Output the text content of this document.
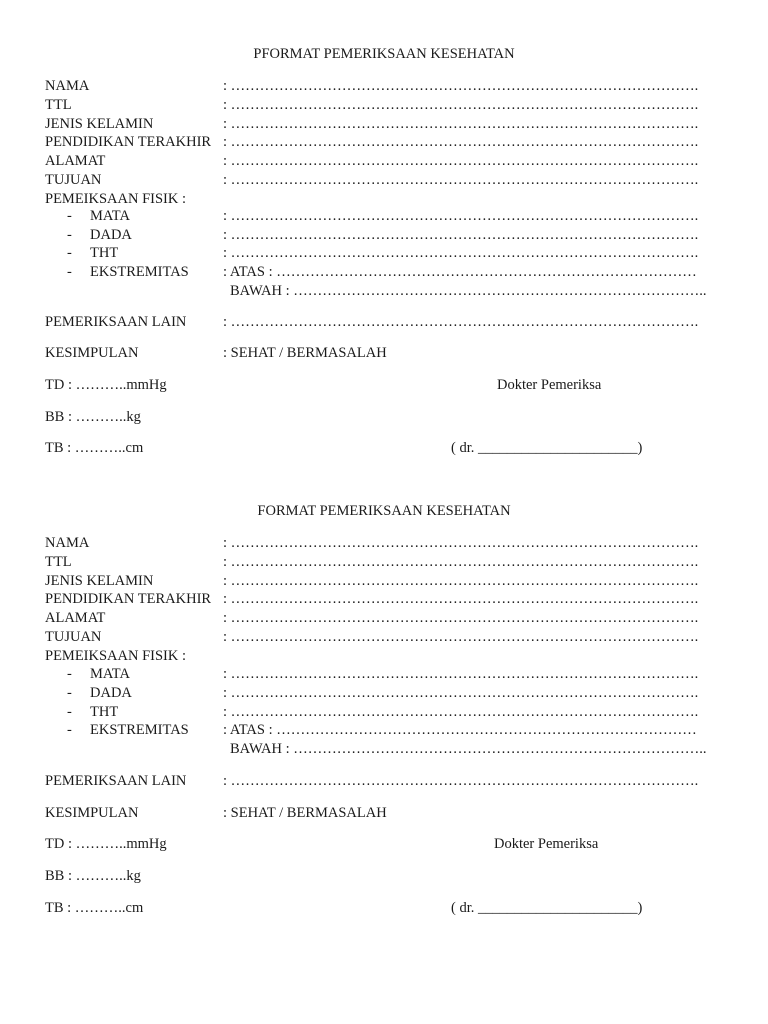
PFORMAT PEMERIKSAAN KESEHATAN
NAMA	: …………………………………………………………………………………….
TTL	: …………………………………………………………………………………….
JENIS KELAMIN	: …………………………………………………………………………………….
PENDIDIKAN TERAKHIR : …………………………………………………………………………………….
ALAMAT	: …………………………………………………………………………………….
TUJUAN	: …………………………………………………………………………………….
PEMEIKSAAN FISIK :
- MATA	: …………………………………………………………………………………….
- DADA	: …………………………………………………………………………………….
- THT	: …………………………………………………………………………………….
- EKSTREMITAS : ATAS : ……………………………………………………………………………
BAWAH : …………………………………………………………………………..
PEMERIKSAAN LAIN	: …………………………………………………………………………………….
KESIMPULAN	: SEHAT / BERMASALAH
TD : ………..mmHg	Dokter Pemeriksa
BB : ………..kg
TB : ………..cm	( dr. ______________________)
FORMAT PEMERIKSAAN KESEHATAN
NAMA	: …………………………………………………………………………………….
TTL	: …………………………………………………………………………………….
JENIS KELAMIN	: …………………………………………………………………………………….
PENDIDIKAN TERAKHIR : …………………………………………………………………………………….
ALAMAT	: …………………………………………………………………………………….
TUJUAN	: …………………………………………………………………………………….
PEMEIKSAAN FISIK :
- MATA	: …………………………………………………………………………………….
- DADA	: …………………………………………………………………………………….
- THT	: …………………………………………………………………………………….
- EKSTREMITAS : ATAS : ……………………………………………………………………………
BAWAH : …………………………………………………………………………..
PEMERIKSAAN LAIN	: …………………………………………………………………………………….
KESIMPULAN	: SEHAT / BERMASALAH
TD : ………..mmHg	Dokter Pemeriksa
BB : ………..kg
TB : ………..cm	( dr. ______________________)
